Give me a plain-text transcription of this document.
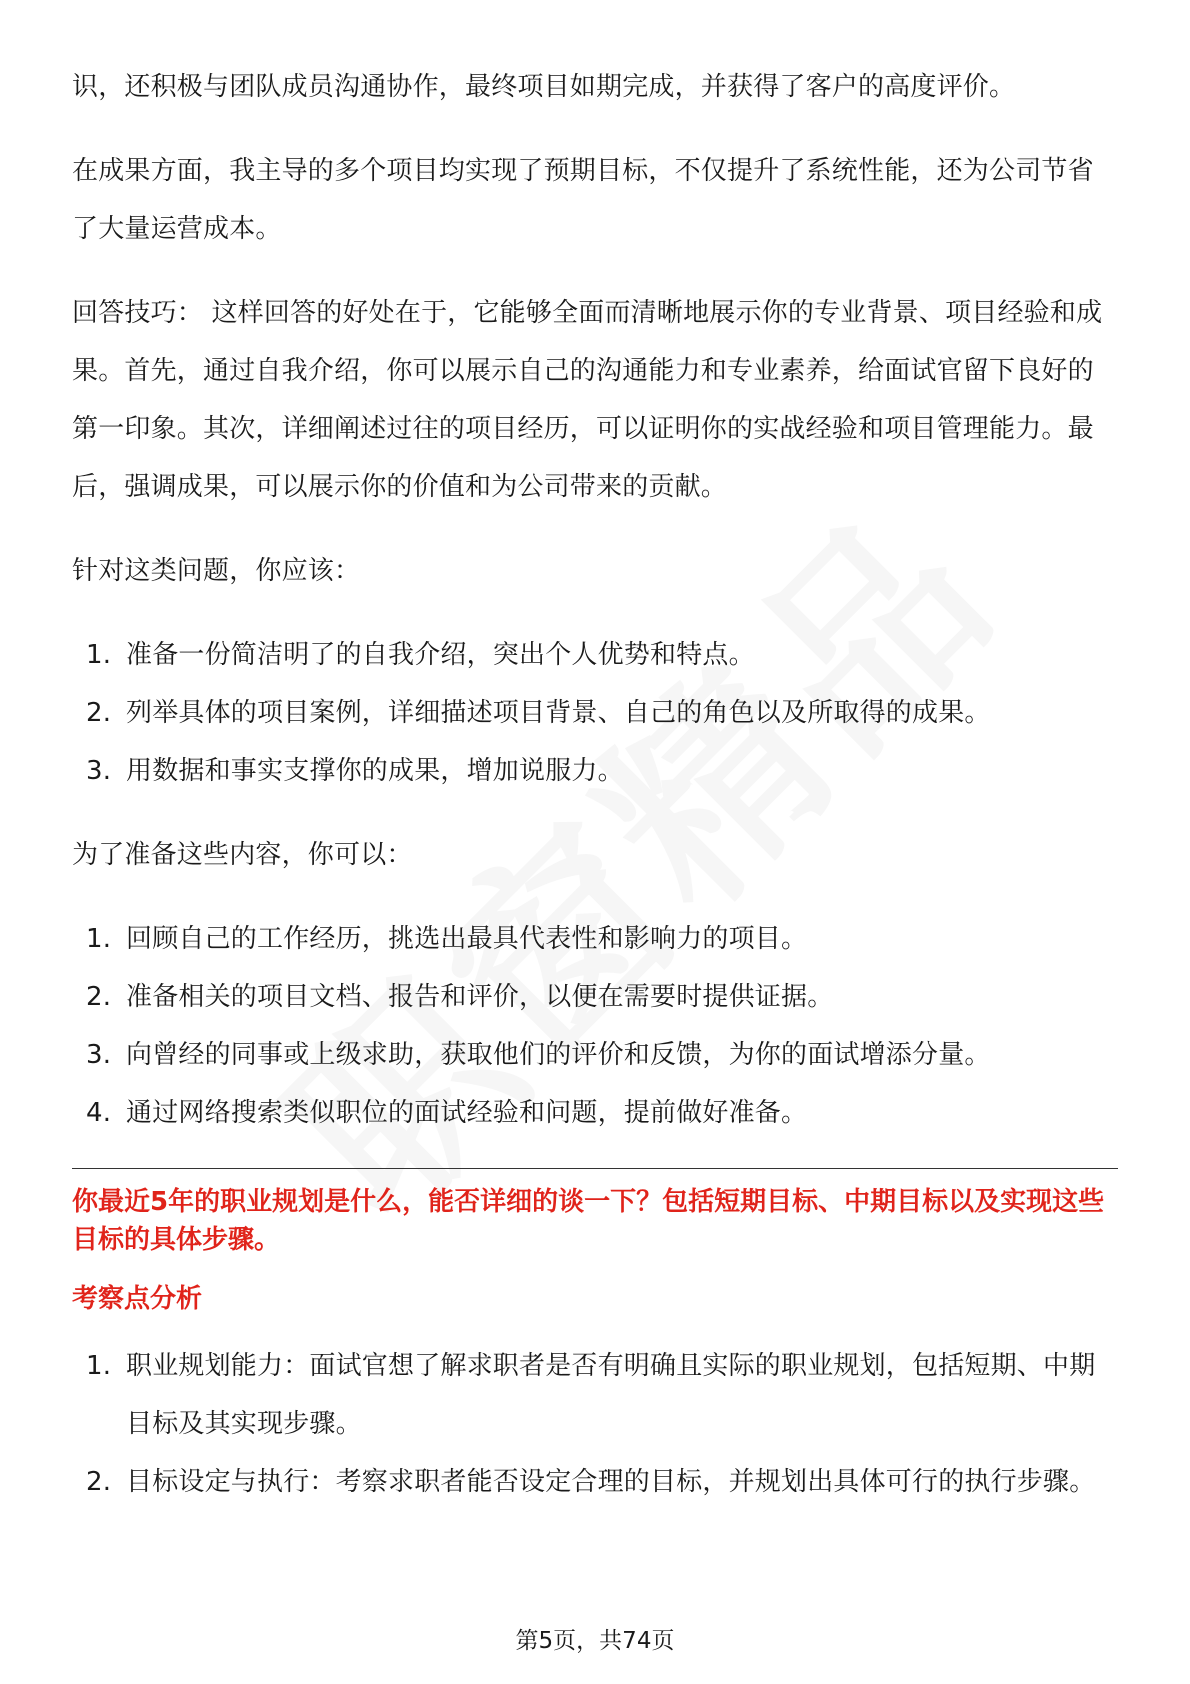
识，还积极与团队成员沟通协作，最终项目如期完成，并获得了客户的高度评价。

在成果方面，我主导的多个项目均实现了预期目标，不仅提升了系统性能，还为公司节省了大量运营成本。

回答技巧： 这样回答的好处在于，它能够全面而清晰地展示你的专业背景、项目经验和成果。首先，通过自我介绍，你可以展示自己的沟通能力和专业素养，给面试官留下良好的第一印象。其次，详细阐述过往的项目经历，可以证明你的实战经验和项目管理能力。最后，强调成果，可以展示你的价值和为公司带来的贡献。

针对这类问题，你应该：

1. 准备一份简洁明了的自我介绍，突出个人优势和特点。
2. 列举具体的项目案例，详细描述项目背景、自己的角色以及所取得的成果。
3. 用数据和事实支撑你的成果，增加说服力。

为了准备这些内容，你可以：

1. 回顾自己的工作经历，挑选出最具代表性和影响力的项目。
2. 准备相关的项目文档、报告和评价，以便在需要时提供证据。
3. 向曾经的同事或上级求助，获取他们的评价和反馈，为你的面试增添分量。
4. 通过网络搜索类似职位的面试经验和问题，提前做好准备。

你最近5年的职业规划是什么，能否详细的谈一下？包括短期目标、中期目标以及实现这些目标的具体步骤。

考察点分析

1. 职业规划能力：面试官想了解求职者是否有明确且实际的职业规划，包括短期、中期目标及其实现步骤。
2. 目标设定与执行：考察求职者能否设定合理的目标，并规划出具体可行的执行步骤。
第5页，共74页
